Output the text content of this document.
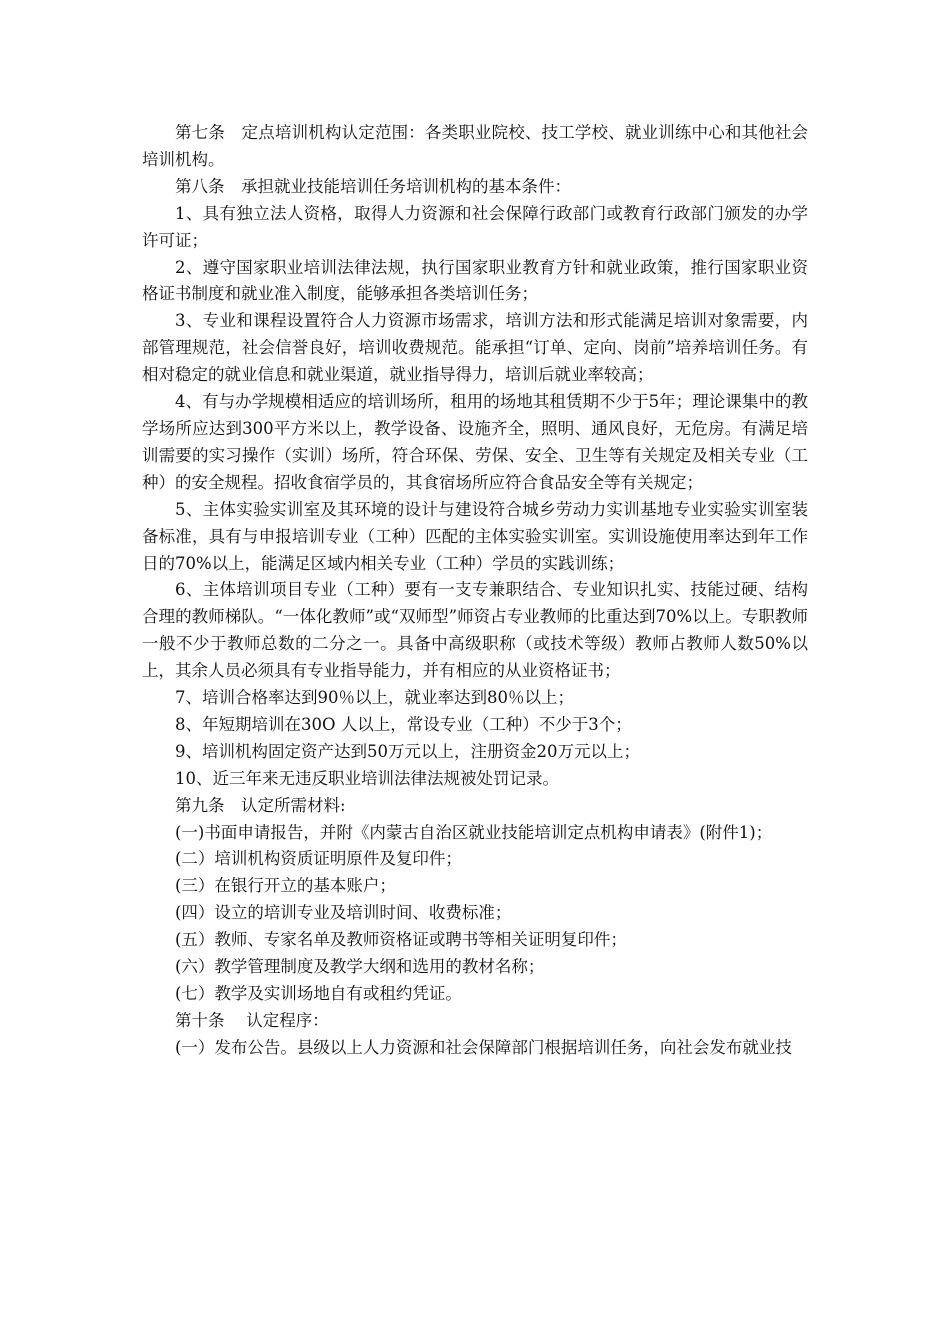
第七条　定点培训机构认定范围：各类职业院校、技工学校、就业训练中心和其他社会培训机构。

第八条　承担就业技能培训任务培训机构的基本条件：

1、具有独立法人资格，取得人力资源和社会保障行政部门或教育行政部门颁发的办学许可证；

2、遵守国家职业培训法律法规，执行国家职业教育方针和就业政策，推行国家职业资格证书制度和就业准入制度，能够承担各类培训任务；

3、专业和课程设置符合人力资源市场需求，培训方法和形式能满足培训对象需要，内部管理规范，社会信誉良好，培训收费规范。能承担“订单、定向、岗前”培养培训任务。有相对稳定的就业信息和就业渠道，就业指导得力，培训后就业率较高；

4、有与办学规模相适应的培训场所，租用的场地其租赁期不少于5年；理论课集中的教学场所应达到300平方米以上，教学设备、设施齐全，照明、通风良好，无危房。有满足培训需要的实习操作（实训）场所，符合环保、劳保、安全、卫生等有关规定及相关专业（工种）的安全规程。招收食宿学员的，其食宿场所应符合食品安全等有关规定；

5、主体实验实训室及其环境的设计与建设符合城乡劳动力实训基地专业实验实训室装备标准，具有与申报培训专业（工种）匹配的主体实验实训室。实训设施使用率达到年工作日的70%以上，能满足区域内相关专业（工种）学员的实践训练；

6、主体培训项目专业（工种）要有一支专兼职结合、专业知识扎实、技能过硬、结构合理的教师梯队。“一体化教师”或“双师型”师资占专业教师的比重达到70%以上。专职教师一般不少于教师总数的二分之一。具备中高级职称（或技术等级）教师占教师人数50%以上，其余人员必须具有专业指导能力，并有相应的从业资格证书；

7、培训合格率达到90％以上，就业率达到80％以上；

8、年短期培训在30O 人以上，常设专业（工种）不少于3个；

9、培训机构固定资产达到50万元以上，注册资金20万元以上；

10、近三年来无违反职业培训法律法规被处罚记录。

第九条　认定所需材料:

(一)书面申请报告，并附《内蒙古自治区就业技能培训定点机构申请表》(附件1)；

(二）培训机构资质证明原件及复印件；

(三）在银行开立的基本账户；

(四）设立的培训专业及培训时间、收费标准；

(五）教师、专家名单及教师资格证或聘书等相关证明复印件；

(六）教学管理制度及教学大纲和选用的教材名称；

(七）教学及实训场地自有或租约凭证。

第十条　 认定程序：

(一）发布公告。县级以上人力资源和社会保障部门根据培训任务，向社会发布就业技
